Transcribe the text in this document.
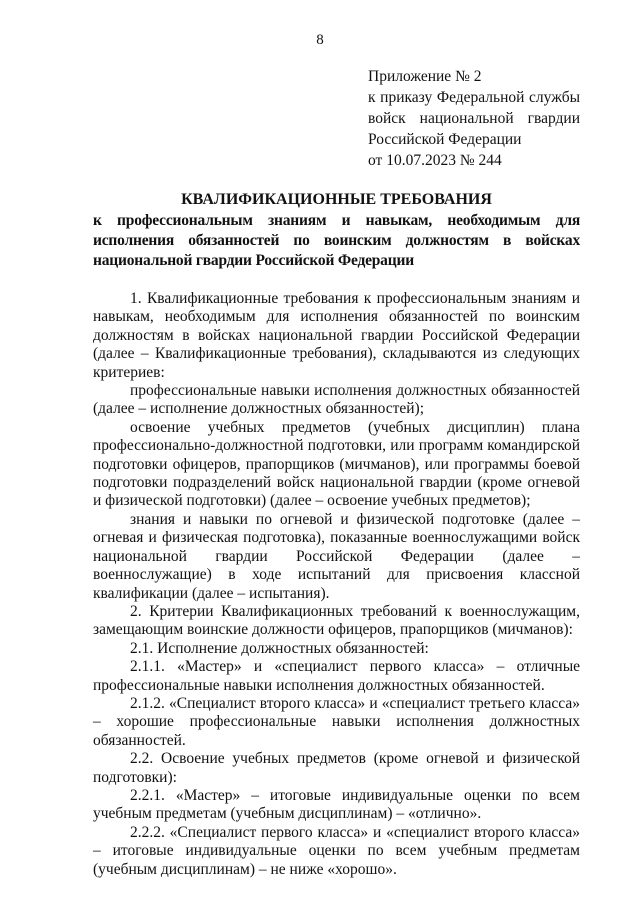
8
Приложение № 2
к приказу Федеральной службы
войск национальной гвардии
Российской Федерации
от 10.07.2023 № 244
КВАЛИФИКАЦИОННЫЕ ТРЕБОВАНИЯ
к профессиональным знаниям и навыкам, необходимым для исполнения обязанностей по воинским должностям в войсках национальной гвардии Российской Федерации

1. Квалификационные требования к профессиональным знаниям и навыкам, необходимым для исполнения обязанностей по воинским должностям в войсках национальной гвардии Российской Федерации (далее – Квалификационные требования), складываются из следующих критериев:

профессиональные навыки исполнения должностных обязанностей (далее – исполнение должностных обязанностей);

освоение учебных предметов (учебных дисциплин) плана профессионально-должностной подготовки, или программ командирской подготовки офицеров, прапорщиков (мичманов), или программы боевой подготовки подразделений войск национальной гвардии (кроме огневой и физической подготовки) (далее – освоение учебных предметов);

знания и навыки по огневой и физической подготовке (далее – огневая и физическая подготовка), показанные военнослужащими войск национальной гвардии Российской Федерации (далее – военнослужащие) в ходе испытаний для присвоения классной квалификации (далее – испытания).

2. Критерии Квалификационных требований к военнослужащим, замещающим воинские должности офицеров, прапорщиков (мичманов):

2.1. Исполнение должностных обязанностей:

2.1.1. «Мастер» и «специалист первого класса» – отличные профессиональные навыки исполнения должностных обязанностей.

2.1.2. «Специалист второго класса» и «специалист третьего класса» – хорошие профессиональные навыки исполнения должностных обязанностей.

2.2. Освоение учебных предметов (кроме огневой и физической подготовки):

2.2.1. «Мастер» – итоговые индивидуальные оценки по всем учебным предметам (учебным дисциплинам) – «отлично».

2.2.2. «Специалист первого класса» и «специалист второго класса» – итоговые индивидуальные оценки по всем учебным предметам (учебным дисциплинам) – не ниже «хорошо».
